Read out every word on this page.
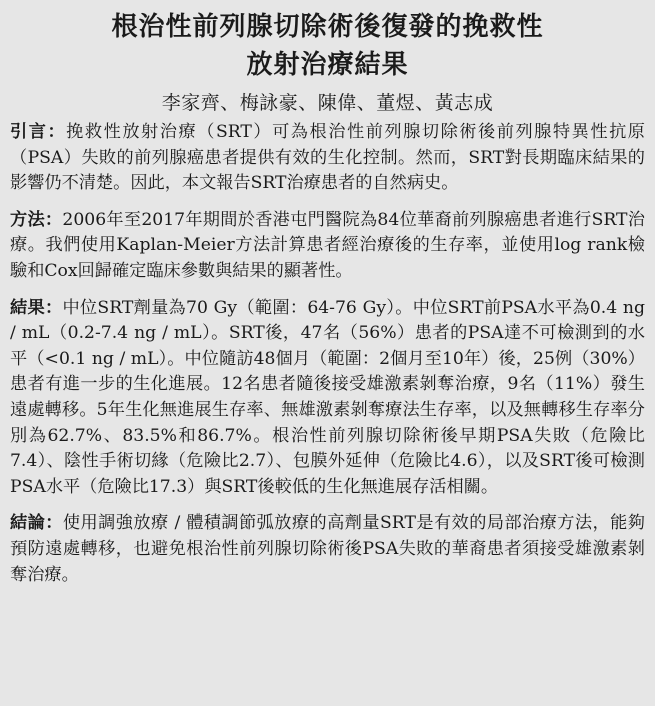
根治性前列腺切除術後復發的挽救性
放射治療結果
李家齊、梅詠豪、陳偉、董煜、黃志成

引言：挽救性放射治療（SRT）可為根治性前列腺切除術後前列腺特異性抗原（PSA）失敗的前列腺癌患者提供有效的生化控制。然而，SRT對長期臨床結果的影響仍不清楚。因此，本文報告SRT治療患者的自然病史。

方法：2006年至2017年期間於香港屯門醫院為84位華裔前列腺癌患者進行SRT治療。我們使用Kaplan-Meier方法計算患者經治療後的生存率，並使用log rank檢驗和Cox回歸確定臨床參數與結果的顯著性。

結果：中位SRT劑量為70 Gy（範圍：64-76 Gy）。中位SRT前PSA水平為0.4 ng / mL（0.2-7.4 ng / mL）。SRT後，47名（56%）患者的PSA達不可檢測到的水平（<0.1 ng / mL）。中位隨訪48個月（範圍：2個月至10年）後，25例（30%）患者有進一步的生化進展。12名患者隨後接受雄激素剝奪治療，9名（11%）發生遠處轉移。5年生化無進展生存率、無雄激素剝奪療法生存率，以及無轉移生存率分別為62.7%、83.5%和86.7%。根治性前列腺切除術後早期PSA失敗（危險比7.4）、陰性手術切緣（危險比2.7）、包膜外延伸（危險比4.6），以及SRT後可檢測PSA水平（危險比17.3）與SRT後較低的生化無進展存活相關。

結論：使用調強放療 / 體積調節弧放療的高劑量SRT是有效的局部治療方法，能夠預防遠處轉移，也避免根治性前列腺切除術後PSA失敗的華裔患者須接受雄激素剝奪治療。
